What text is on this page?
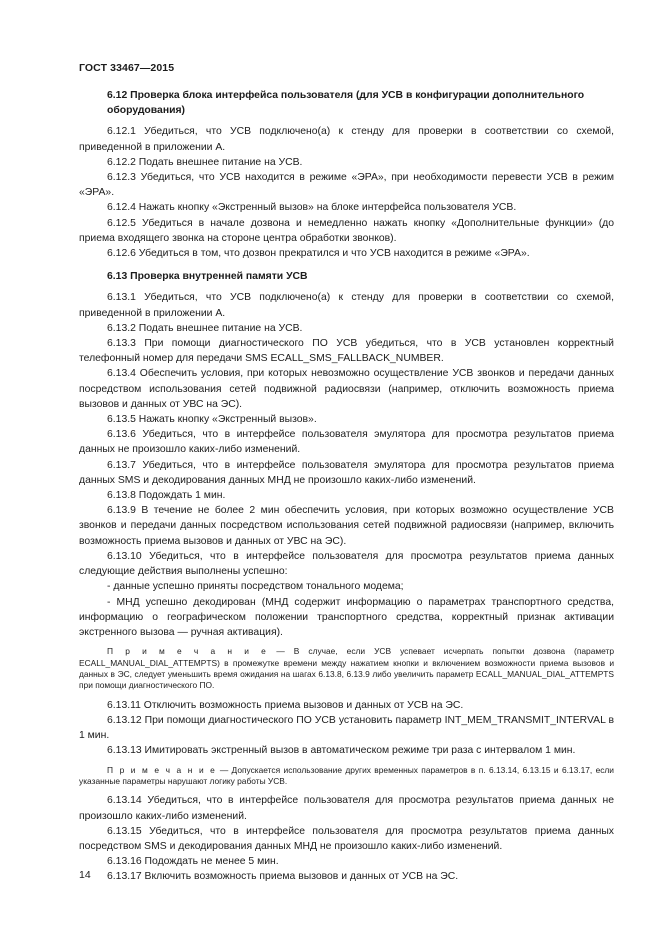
ГОСТ 33467—2015
6.12 Проверка блока интерфейса пользователя (для УСВ в конфигурации дополнительного оборудования)

6.12.1 Убедиться, что УСВ подключено(а) к стенду для проверки в соответствии со схемой, приведенной в приложении А.

6.12.2 Подать внешнее питание на УСВ.

6.12.3 Убедиться, что УСВ находится в режиме «ЭРА», при необходимости перевести УСВ в режим «ЭРА».

6.12.4 Нажать кнопку «Экстренный вызов» на блоке интерфейса пользователя УСВ.

6.12.5 Убедиться в начале дозвона и немедленно нажать кнопку «Дополнительные функции» (до приема входящего звонка на стороне центра обработки звонков).

6.12.6 Убедиться в том, что дозвон прекратился и что УСВ находится в режиме «ЭРА».

6.13 Проверка внутренней памяти УСВ

6.13.1 Убедиться, что УСВ подключено(а) к стенду для проверки в соответствии со схемой, приведенной в приложении А.

6.13.2 Подать внешнее питание на УСВ.

6.13.3 При помощи диагностического ПО УСВ убедиться, что в УСВ установлен корректный телефонный номер для передачи SMS ECALL_SMS_FALLBACK_NUMBER.

6.13.4 Обеспечить условия, при которых невозможно осуществление УСВ звонков и передачи данных посредством использования сетей подвижной радиосвязи (например, отключить возможность приема вызовов и данных от УВС на ЭС).

6.13.5 Нажать кнопку «Экстренный вызов».

6.13.6 Убедиться, что в интерфейсе пользователя эмулятора для просмотра результатов приема данных не произошло каких-либо изменений.

6.13.7 Убедиться, что в интерфейсе пользователя эмулятора для просмотра результатов приема данных SMS и декодирования данных МНД не произошло каких-либо изменений.

6.13.8 Подождать 1 мин.

6.13.9 В течение не более 2 мин обеспечить условия, при которых возможно осуществление УСВ звонков и передачи данных посредством использования сетей подвижной радиосвязи (например, включить возможность приема вызовов и данных от УВС на ЭС).

6.13.10 Убедиться, что в интерфейсе пользователя для просмотра результатов приема данных следующие действия выполнены успешно:

- данные успешно приняты посредством тонального модема;

- МНД успешно декодирован (МНД содержит информацию о параметрах транспортного средства, информацию о географическом положении транспортного средства, корректный признак активации экстренного вызова — ручная активация).

П р и м е ч а н и е — В случае, если УСВ успевает исчерпать попытки дозвона (параметр ECALL_MANUAL_DIAL_ATTEMPTS) в промежутке времени между нажатием кнопки и включением возможности приема вызовов и данных в ЭС, следует уменьшить время ожидания на шагах 6.13.8, 6.13.9 либо увеличить параметр ECALL_MANUAL_DIAL_ATTEMPTS при помощи диагностического ПО.

6.13.11 Отключить возможность приема вызовов и данных от УСВ на ЭС.

6.13.12 При помощи диагностического ПО УСВ установить параметр INT_MEM_TRANSMIT_INTERVAL в 1 мин.

6.13.13 Имитировать экстренный вызов в автоматическом режиме три раза с интервалом 1 мин.

П р и м е ч а н и е — Допускается использование других временных параметров в п. 6.13.14, 6.13.15 и 6.13.17, если указанные параметры нарушают логику работы УСВ.

6.13.14 Убедиться, что в интерфейсе пользователя для просмотра результатов приема данных не произошло каких-либо изменений.

6.13.15 Убедиться, что в интерфейсе пользователя для просмотра результатов приема данных посредством SMS и декодирования данных МНД не произошло каких-либо изменений.

6.13.16 Подождать не менее 5 мин.

6.13.17 Включить возможность приема вызовов и данных от УСВ на ЭС.

14
